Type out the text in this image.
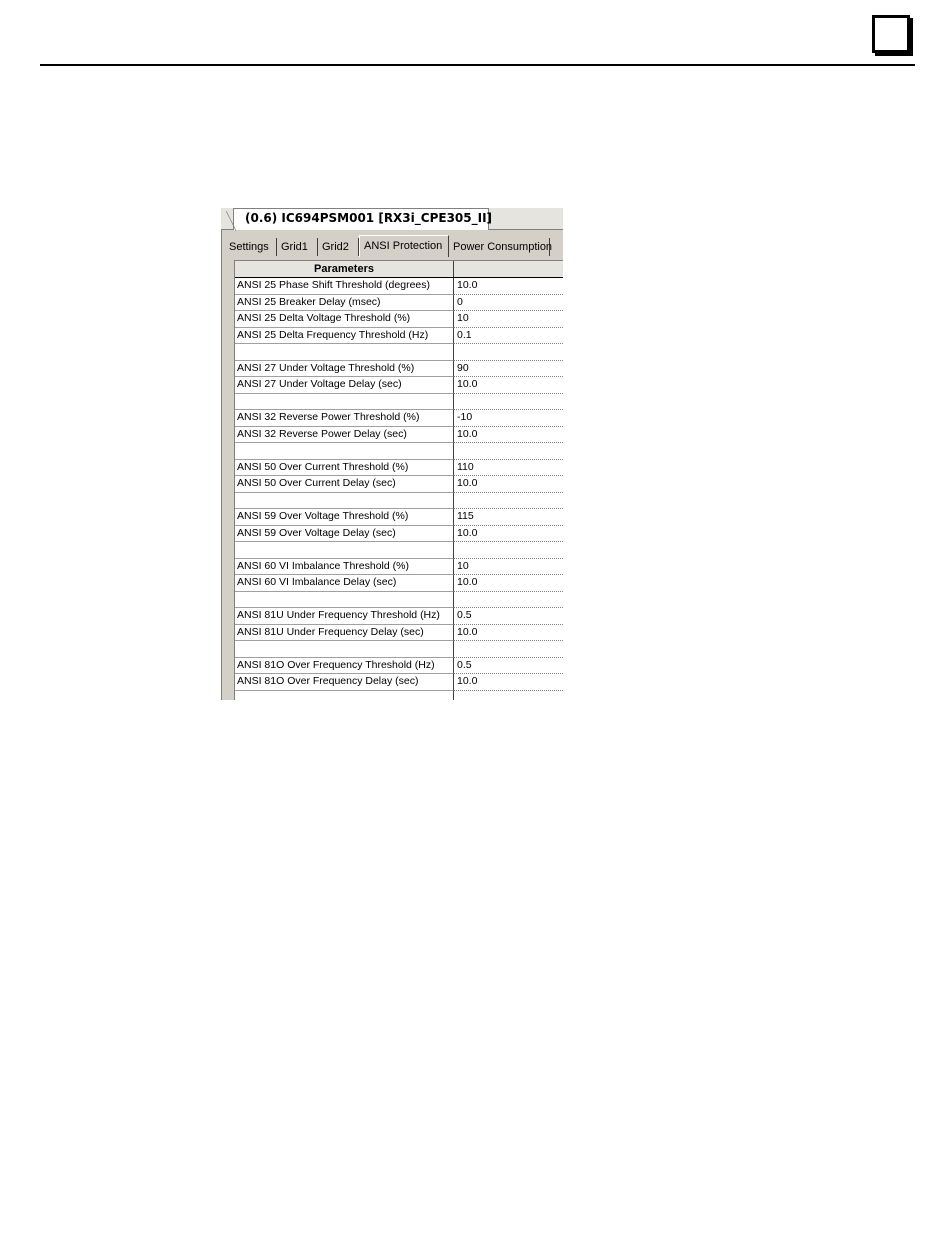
(0.6) IC694PSM001 [RX3i_CPE305_II]
Settings	Grid1	Grid2	ANSI Protection Power Consumption
Parameters
ANSI 25 Phase Shift Threshold (degrees)	10.0
ANSI 25 Breaker Delay (msec)	0
ANSI 25 Delta Voltage Threshold (%)	10
ANSI 25 Delta Frequency Threshold (Hz)	0.1
ANSI 27 Under Voltage Threshold (%)	90
ANSI 27 Under Voltage Delay (sec)	10.0
ANSI 32 Reverse Power Threshold (%)	-10
ANSI 32 Reverse Power Delay (sec)	10.0
ANSI 50 Over Current Threshold (%)	110
ANSI 50 Over Current Delay (sec)	10.0
ANSI 59 Over Voltage Threshold (%)	115
ANSI 59 Over Voltage Delay (sec)	10.0
ANSI 60 VI Imbalance Threshold (%)	10
ANSI 60 VI Imbalance Delay (sec)	10.0
ANSI 81U Under Frequency Threshold (Hz)	0.5
ANSI 81U Under Frequency Delay (sec)	10.0
ANSI 81O Over Frequency Threshold (Hz)	0.5
ANSI 81O Over Frequency Delay (sec)	10.0
